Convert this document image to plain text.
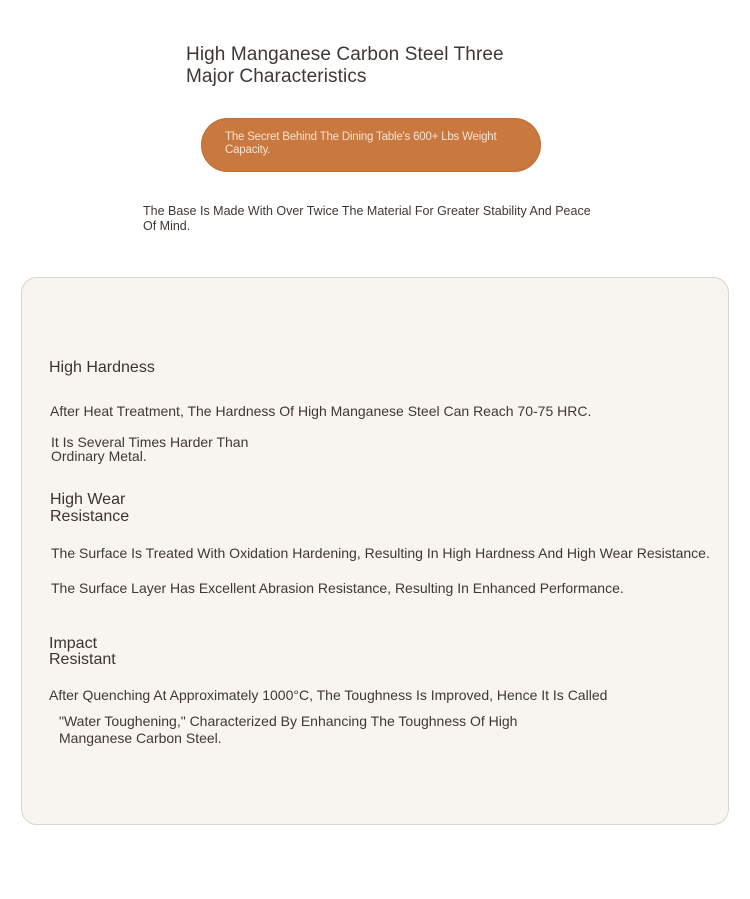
High Manganese Carbon Steel Three Major Characteristics
The Secret Behind The Dining Table's 600+ Lbs Weight Capacity.
The Base Is Made With Over Twice The Material For Greater Stability And Peace Of Mind.
High Hardness
After Heat Treatment, The Hardness Of High Manganese Steel Can Reach 70-75 HRC.
It Is Several Times Harder Than Ordinary Metal.
High Wear Resistance
The Surface Is Treated With Oxidation Hardening, Resulting In High Hardness And High Wear Resistance.
The Surface Layer Has Excellent Abrasion Resistance, Resulting In Enhanced Performance.
Impact Resistant
After Quenching At Approximately 1000°C, The Toughness Is Improved, Hence It Is Called
"Water Toughening," Characterized By Enhancing The Toughness Of High Manganese Carbon Steel.
